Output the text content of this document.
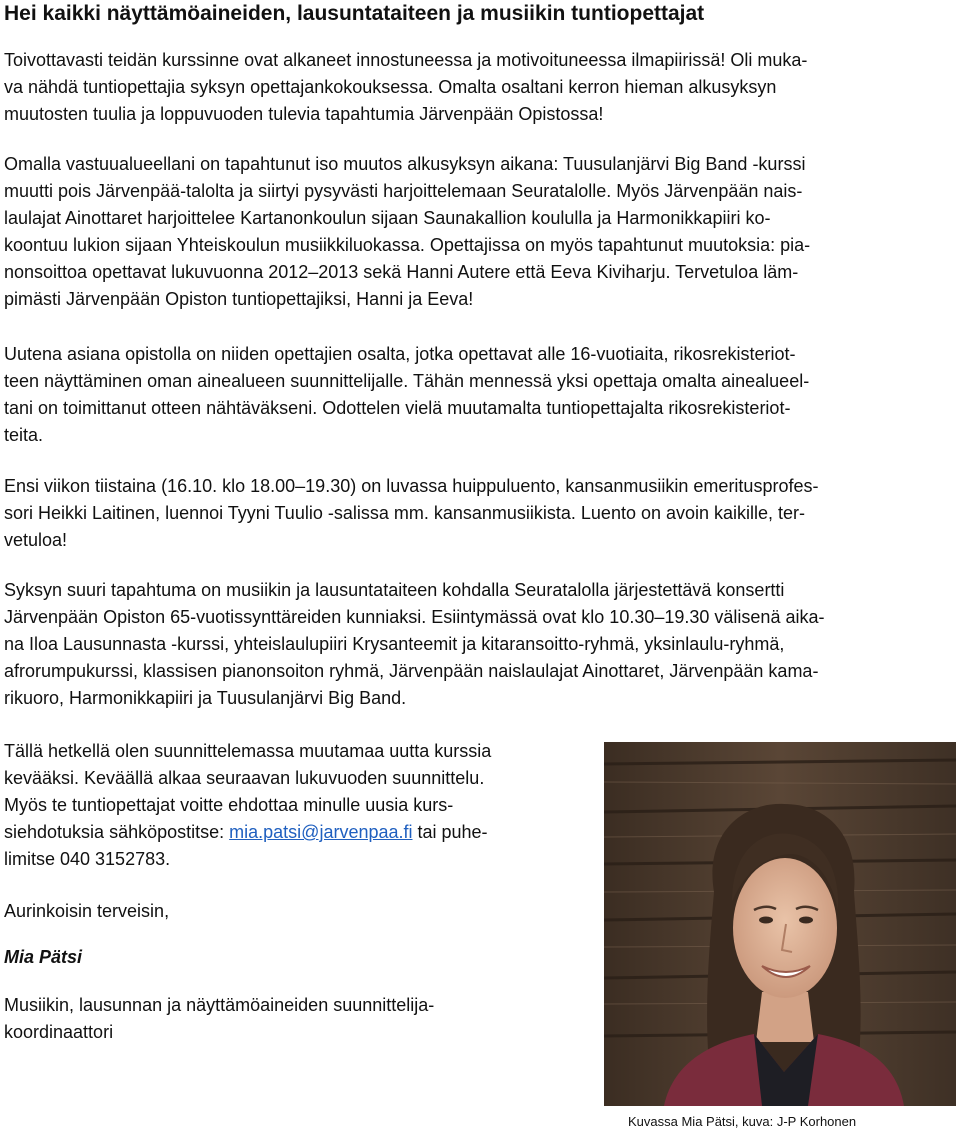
Hei kaikki näyttämöaineiden, lausuntataiteen ja musiikin tuntiopettajat

Toivottavasti teidän kurssinne ovat alkaneet innostuneessa ja motivoituneessa ilmapiirissä! Oli muka-
va nähdä tuntiopettajia syksyn opettajankokouksessa. Omalta osaltani kerron hieman alkusyksyn
muutosten tuulia ja loppuvuoden tulevia tapahtumia Järvenpään Opistossa!

Omalla vastuualueellani on tapahtunut iso muutos alkusyksyn aikana: Tuusulanjärvi Big Band -kurssi
muutti pois Järvenpää-talolta ja siirtyi pysyvästi harjoittelemaan Seuratalolle. Myös Järvenpään nais-
laulajat Ainottaret harjoittelee Kartanonkoulun sijaan Saunakallion koululla ja Harmonikkapiiri ko-
koontuu lukion sijaan Yhteiskoulun musiikkiluokassa. Opettajissa on myös tapahtunut muutoksia: pia-
nonsoittoa opettavat lukuvuonna 2012–2013 sekä Hanni Autere että Eeva Kiviharju. Tervetuloa läm-
pimästi Järvenpään Opiston tuntiopettajiksi, Hanni ja Eeva!

Uutena asiana opistolla on niiden opettajien osalta, jotka opettavat alle 16-vuotiaita, rikosrekisteriot-
teen näyttäminen oman ainealueen suunnittelijalle. Tähän mennessä yksi opettaja omalta ainealueel-
tani on toimittanut otteen nähtäväkseni. Odottelen vielä muutamalta tuntiopettajalta rikosrekisteriot-
teita.

Ensi viikon tiistaina (16.10. klo 18.00–19.30) on luvassa huippuluento, kansanmusiikin emeritusprofes-
sori Heikki Laitinen, luennoi Tyyni Tuulio -salissa mm. kansanmusiikista. Luento on avoin kaikille, ter-
vetuloa!

Syksyn suuri tapahtuma on musiikin ja lausuntataiteen kohdalla Seuratalolla järjestettävä konsertti
Järvenpään Opiston 65-vuotissynttäreiden kunniaksi. Esiintymässä ovat klo 10.30–19.30 välisenä aika-
na Iloa Lausunnasta -kurssi, yhteislaulupiiri Krysanteemit ja kitaransoitto-ryhmä, yksinlaulu-ryhmä,
afrorumpukurssi, klassisen pianonsoiton ryhmä, Järvenpään naislaulajat Ainottaret, Järvenpään kama-
rikuoro, Harmonikkapiiri ja Tuusulanjärvi Big Band.

Tällä hetkellä olen suunnittelemassa muutamaa uutta kurssia
kevääksi. Keväällä alkaa seuraavan lukuvuoden suunnittelu.
Myös te tuntiopettajat voitte ehdottaa minulle uusia kurs-
siehdotuksia sähköpostitse: mia.patsi@jarvenpaa.fi tai puhe-
limitse 040 3152783.

Aurinkoisin terveisin,

Mia Pätsi

Musiikin, lausunnan ja näyttämöaineiden suunnittelija-
koordinaattori

Kuvassa Mia Pätsi, kuva: J-P Korhonen
